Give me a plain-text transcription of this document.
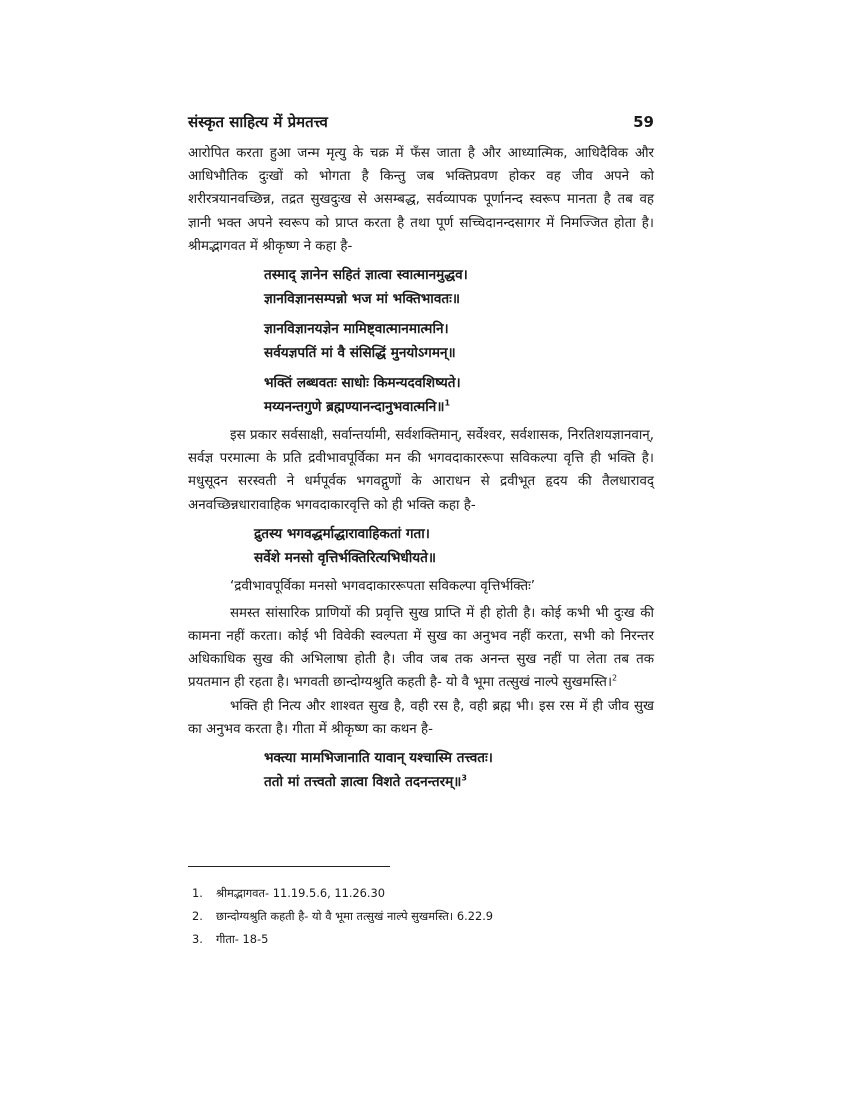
संस्कृत साहित्य में प्रेमतत्त्व	59

आरोपित करता हुआ जन्म मृत्यु के चक्र में फँस जाता है और आध्यात्मिक, आधिदैविक और आधिभौतिक दुःखों को भोगता है किन्तु जब भक्तिप्रवण होकर वह जीव अपने को शरीरत्रयानवच्छिन्न, तद्रत सुखदुःख से असम्बद्ध, सर्वव्यापक पूर्णानन्द स्वरूप मानता है तब वह ज्ञानी भक्त अपने स्वरूप को प्राप्त करता है तथा पूर्ण सच्चिदानन्दसागर में निमज्जित होता है। श्रीमद्भागवत में श्रीकृष्ण ने कहा है-

तस्माद् ज्ञानेन सहितं ज्ञात्वा स्वात्मानमुद्धव।
ज्ञानविज्ञानसम्पन्नो भज मां भक्तिभावतः॥
ज्ञानविज्ञानयज्ञेन मामिष्ट्वात्मानमात्मनि।
सर्वयज्ञपतिं मां वै संसिद्धिं मुनयोऽगमन्॥
भक्तिं लब्धवतः साधोः किमन्यदवशिष्यते।
मय्यनन्तगुणे ब्रह्मण्यानन्दानुभवात्मनि॥$^1$

इस प्रकार सर्वसाक्षी, सर्वान्तर्यामी, सर्वशक्तिमान्, सर्वेश्वर, सर्वशासक, निरतिशयज्ञानवान्, सर्वज्ञ परमात्मा के प्रति द्रवीभावपूर्विका मन की भगवदाकाररूपा सविकल्पा वृत्ति ही भक्ति है। मधुसूदन सरस्वती ने धर्मपूर्वक भगवद्गुणों के आराधन से द्रवीभूत हृदय की तैलधारावद् अनवच्छिन्नधारावाहिक भगवदाकारवृत्ति को ही भक्ति कहा है-

द्रुतस्य भगवद्धर्माद्धारावाहिकतां गता।
सर्वेशे मनसो वृत्तिर्भक्तिरित्यभिधीयते॥
‘द्रवीभावपूर्विका मनसो भगवदाकाररूपता सविकल्पा वृत्तिर्भक्तिः’

समस्त सांसारिक प्राणियों की प्रवृत्ति सुख प्राप्ति में ही होती है। कोई कभी भी दुःख की कामना नहीं करता। कोई भी विवेकी स्वल्पता में सुख का अनुभव नहीं करता, सभी को निरन्तर अधिकाधिक सुख की अभिलाषा होती है। जीव जब तक अनन्त सुख नहीं पा लेता तब तक प्रयतमान ही रहता है। भगवती छान्दोग्यश्रुति कहती है- यो वै भूमा तत्सुखं नाल्पे सुखमस्ति।$^2$

भक्ति ही नित्य और शाश्वत सुख है, वही रस है, वही ब्रह्म भी। इस रस में ही जीव सुख का अनुभव करता है। गीता में श्रीकृष्ण का कथन है-

भक्त्या मामभिजानाति यावान् यश्चास्मि तत्त्वतः।
ततो मां तत्त्वतो ज्ञात्वा विशते तदनन्तरम्॥$^3$
1. श्रीमद्भागवत- 11.19.5.6, 11.26.30
2. छान्दोग्यश्रुति कहती है- यो वै भूमा तत्सुखं नाल्पे सुखमस्ति। 6.22.9
3. गीता- 18-5
